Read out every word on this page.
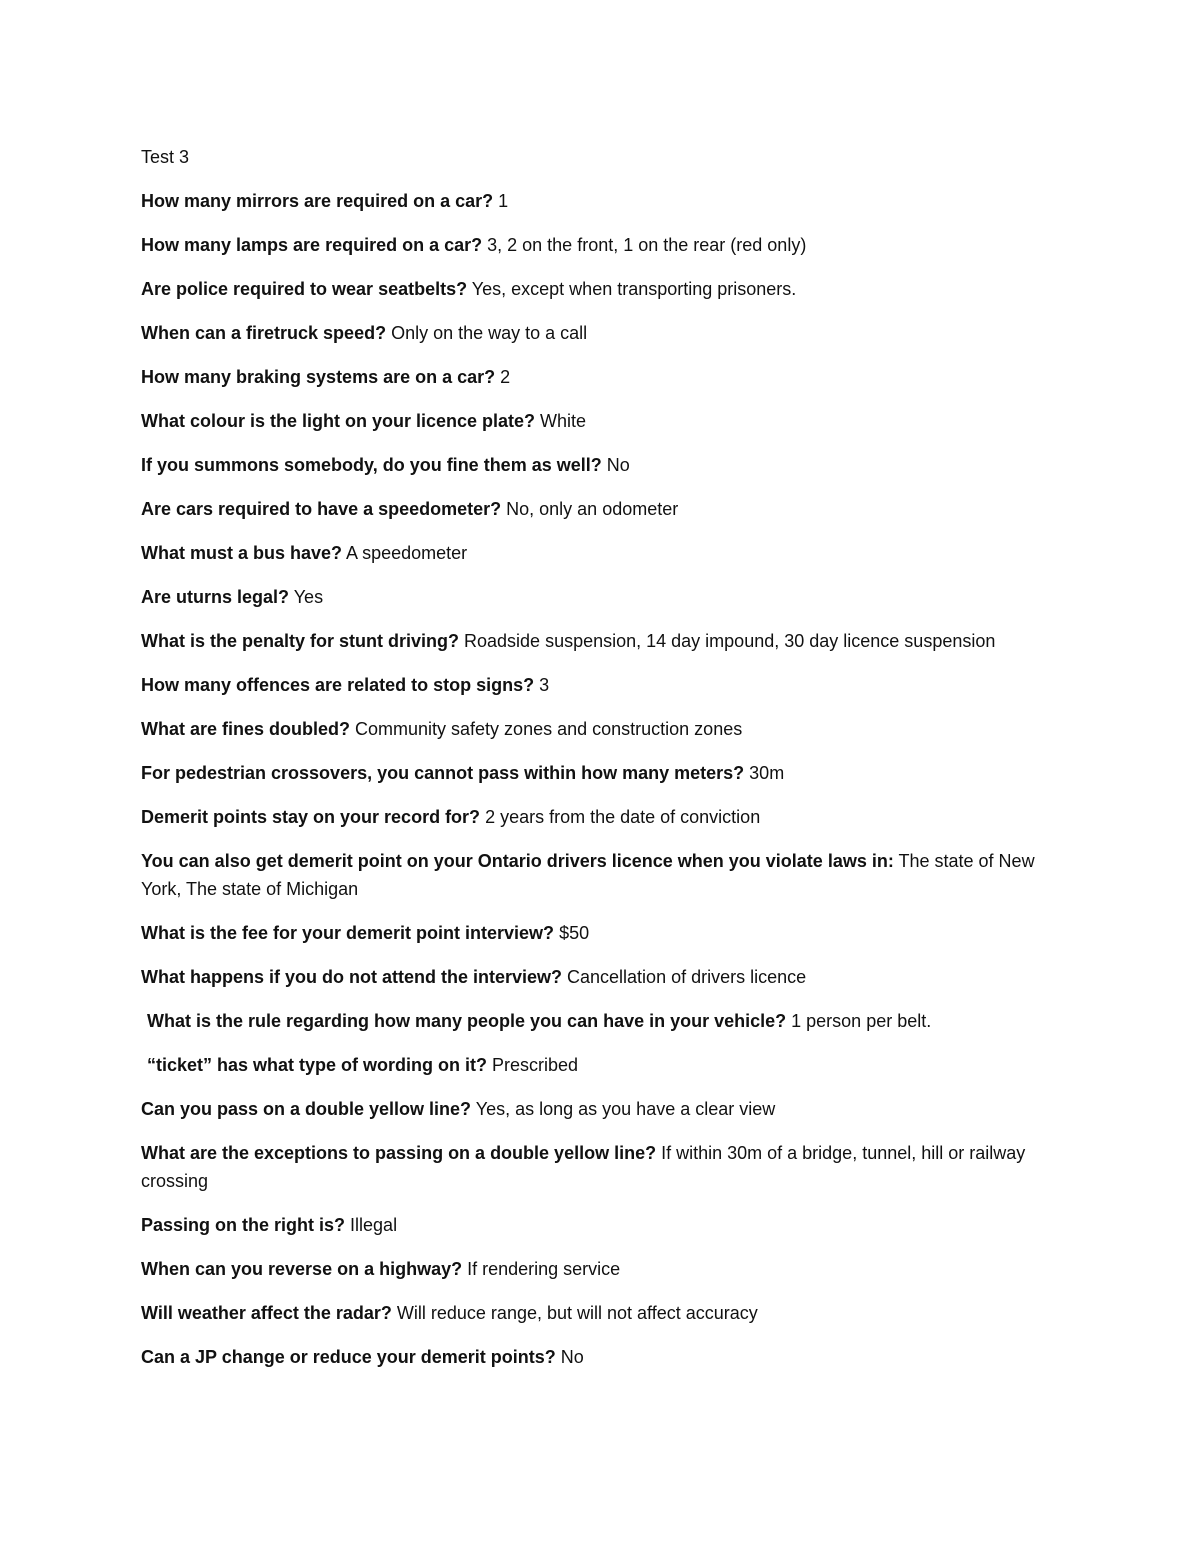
Test 3
How many mirrors are required on a car? 1
How many lamps are required on a car? 3, 2 on the front, 1 on the rear (red only)
Are police required to wear seatbelts? Yes, except when transporting prisoners.
When can a firetruck speed? Only on the way to a call
How many braking systems are on a car? 2
What colour is the light on your licence plate? White
If you summons somebody, do you fine them as well? No
Are cars required to have a speedometer? No, only an odometer
What must a bus have? A speedometer
Are uturns legal? Yes
What is the penalty for stunt driving? Roadside suspension, 14 day impound, 30 day licence suspension
How many offences are related to stop signs? 3
What are fines doubled? Community safety zones and construction zones
For pedestrian crossovers, you cannot pass within how many meters? 30m
Demerit points stay on your record for? 2 years from the date of conviction
You can also get demerit point on your Ontario drivers licence when you violate laws in: The state of New York, The state of Michigan
What is the fee for your demerit point interview? $50
What happens if you do not attend the interview? Cancellation of drivers licence
What is the rule regarding how many people you can have in your vehicle? 1 person per belt.
“ticket” has what type of wording on it? Prescribed
Can you pass on a double yellow line? Yes, as long as you have a clear view
What are the exceptions to passing on a double yellow line? If within 30m of a bridge, tunnel, hill or railway crossing
Passing on the right is? Illegal
When can you reverse on a highway? If rendering service
Will weather affect the radar? Will reduce range, but will not affect accuracy
Can a JP change or reduce your demerit points? No
